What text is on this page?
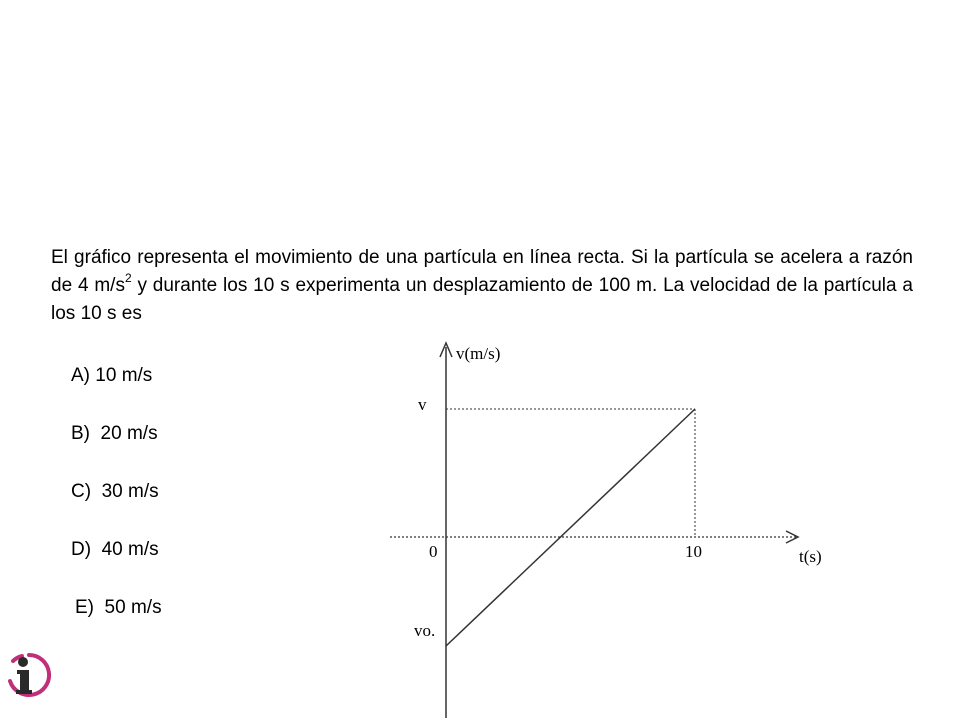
El gráfico representa el movimiento de una partícula en línea recta. Si la partícula se acelera a razón de 4 $m/s^2$ y durante los 10 s experimenta un desplazamiento de 100 m. La velocidad de la partícula a los 10 s es

A) 10 m/s
B)  20 m/s
C)  30 m/s
D)  40 m/s
E)  50 m/s
v(m/s)
v
0	10	t(s)
vo.
